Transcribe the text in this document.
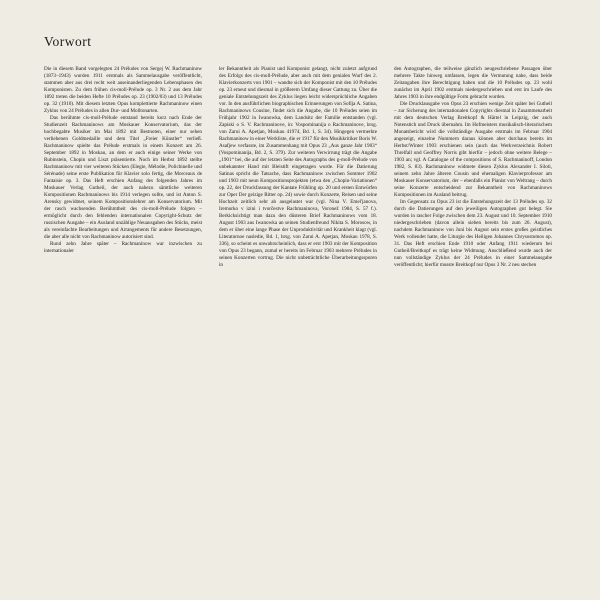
Vorwort

Die in diesem Band vorgelegten 24 Préludes von Sergej W. Rachmaninow (1873–1943) wurden 1911 erstmals als Sammelausgabe veröffentlicht, stammen aber aus drei recht weit auseinanderliegenden Lebensphasen des Komponisten. Zu dem frühen cis-moll-Prélude op. 3 Nr. 2 aus dem Jahr 1892 treten die beiden Hefte 10 Préludes op. 23 (1902/03) und 13 Préludes op. 32 (1910). Mit diesem letzten Opus komplettierte Rachmaninow einen Zyklus von 24 Préludes in allen Dur- und Molltonarten.

Das berühmte cis-moll-Prélude entstand bereits kurz nach Ende der Studienzeit Rachmaninows am Moskauer Konservatorium, das der hochbegabte Musiker im Mai 1892 mit Bestnoten, einer nur sehen verliehenen Goldmedaille und dem Titel „Freier Künstler“ verließ. Rachmaninow spielte das Prélude erstmals in einem Konzert am 26. September 1892 in Moskau, an dem er auch einige seiner Werke von Rubinstein, Chopin und Liszt präsentierte. Noch im Herbst 1892 stellte Rachmaninow mit vier weiteren Stücken (Elegie, Mélodie, Polichinelle und Sérénade) seine erste Publikation für Klavier solo fertig, die Morceaux de Fantaisie op. 3. Das Heft erschien Anfang des folgenden Jahres im Moskauer Verlag Gutheil, der auch nahezu sämtliche weiteren Kompositionen Rachmaninows bis 1914 verlegen sollte, und ist Anton S. Arensky gewidmet, seinem Kompositionslehrer am Konservatorium. Mit der rasch wachsenden Berühmtheit des cis-moll-Prélude folgten – ermöglicht durch den fehlenden internationalen Copyright-Schutz der russischen Ausgabe – ein Ausland unzählige Neuausgaben des Stücks, meist als vereinfachte Bearbeitungen und Arrangements für andere Besetzungen, die aber alle nicht von Rachmaninow autorisiert sind.

Rund zehn Jahre später – Rachmaninow war inzwischen zu internationaler

ler Bekanntheit als Pianist und Komponist gelangt, nicht zuletzt aufgrund des Erfolgs des cis-moll-Prélude, aber auch mit dem genialen Wurf des 2. Klavierkonzerts von 1901 – wandte sich der Komponist mit den 10 Préludes op. 23 erneut und diesmal in größerem Umfang dieser Gattung zu. Über die geniale Entstehungszeit des Zyklus liegen leicht widersprüchliche Angaben vor. In den ausführlichen biographischen Erinnerungen von Sofíja A. Satina, Rachmaninows Cousine, findet sich die Angabe, die 10 Préludes seien im Frühjahr 1902 in Iwanowka, dem Landsitz der Familie entstanden (vgl. Zapiski o S. V. Rachmaninove, in: Vospominanija o Rachmaninove, hrsg. von Zarui A. Apetjan, Moskau 41974, Bd. 1, S. 34). Hingegen vermerkte Rachmaninow in einer Werkliste, die er 1917 für den Musikkritiker Boris W. Asafjew verfasste, im Zusammenhang mit Opus 23 „Aus ganze Jahr 1903“ (Vospominanija, Bd. 2, S. 379). Zur weiteren Verwirrung trägt die Angabe „1901“ bei, die auf der letzten Seite des Autographs des g-moll-Prélude von unbekannter Hand mit Bleistift eingetragen wurde. Für die Datierung Satinas spricht die Tatsache, dass Rachmaninow zwischen Sommer 1902 und 1903 mit neun Kompositionsprojekten (etwa den „Chopin-Variationen“ op. 22, der Druckfassung der Kantate Frühling op. 20 und ersten Entwürfen zur Oper Der geizige Ritter op. 24) sowie durch Konzerte, Reisen und seine Hochzeit zeitlich sehr ab ausgelastet war (vgl. Nina V. Emel'janova, Iremorko v izini i tvorčestve Rachmaninova, Voronež 1984, S. 57 f.). Berkicksichtigt man dazu den düsteren Brief Rachmaninows vom 18. August 1903 aus Iwanowka an seinen Studienfreund Nikita S. Morosow, in dem er über eine lange Phase der Unproduktivität und Krankheit klagt (vgl. Literaturnoe nasledie, Bd. 1, hrsg. von Zarui A. Apetjan, Moskau 1978, S. 336), so scheint es unwahrscheinlich, dass er erst 1903 mit der Komposition von Opus 23 begann, zumal er bereits im Februar 1903 mehrere Préludes in seinen Konzerten vortrug. Die nicht unbeträchtliche Überarbeitungsspuren in

den Autographen, die teilweise gänzlich neugeschriebene Passagen über mehrere Takte hinweg umfassen, legen die Vermutung nahe, dass beide Zeitangaben ihre Berechtigung haben und die 10 Préludes op. 23 wohl zunächst im April 1902 erstmals niedergeschrieben und erst im Laufe des Jahres 1903 in ihre endgültige Form gebracht wurden.

Die Drucklausgabe von Opus 23 erschien wenige Zeit später bei Gutheil – zur Sicherung des internationalen Copyrights diesmal in Zusammenarbeit mit dem deutschen Verlag Breitkopf & Härtel in Leipzig, der auch Notenstich und Druck übernahm. Im Hofmeisters musikalisch-literarischem Monatsbericht wird die vollständige Ausgabe erstmals im Februar 1904 angezeigt, einzelne Nummern daraus können aber durchaus bereits im Herbst/Winter 1903 erschienen sein (auch das Werkverzeichnis Robert Threlfall und Geoffrey Norris gibt hierfür – jedoch ohne weitere Belege – 1903 an; vgl. A Catalogue of the compositions of S. Rachmaninoff, London 1982, S. 83). Rachmaninow widmete diesen Zyklus Alexander I. Siloti, seinem zehn Jahre älteren Cousin und ehemaligen Klavierprofessor am Moskauer Konservatorium, der – ebenfalls ein Pianist von Weltrang – durch seine Konzerte entscheidend zur Bekanntheit von Rachmaninows Kompositionen im Ausland beitrug.

Im Gegensatz zu Opus 23 ist die Entstehungszeit der 13 Préludes op. 32 durch die Datierungen auf den jeweiligen Autographen gut belegt. Sie wurden in rascher Folge zwischen dem 23. August und 10. September 1910 niedergeschrieben (davon allein sieben bereits bis zum 26. August), nachdem Rachmaninow von Juni bis August sein erstes großes geistliches Werk vollendet hatte, die Liturgie des Heiligen Johannes Chrysostomos op. 31. Das Heft erschien Ende 1910 oder Anfang 1911 wiederum bei Gutheil/Breitkopf es trägt keine Widmung. Anschließend wurde auch der nun vollständige Zyklus der 24 Préludes in einer Sammelausgabe veröffentlicht; hierfür musste Breitkopf nur Opus 3 Nr. 2 neu stechen
